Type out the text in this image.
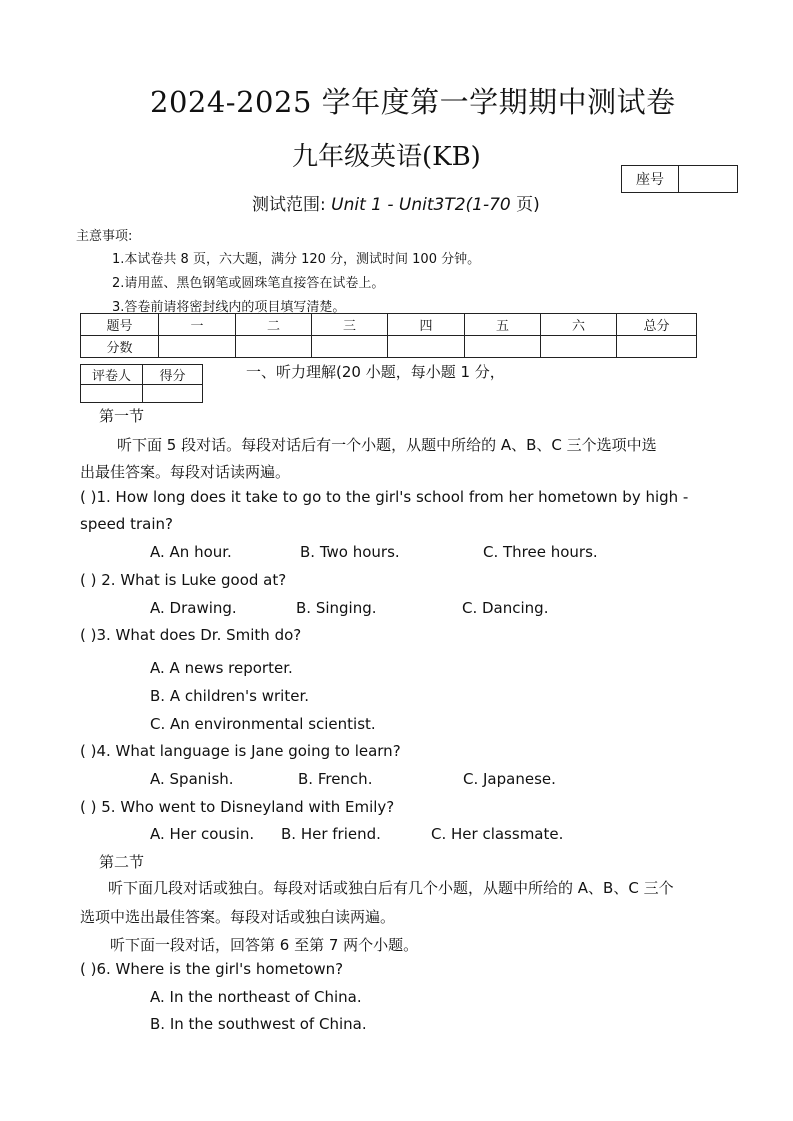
2024-2025 学年度第一学期期中测试卷
九年级英语(KB)
座号
测试范围: Unit 1 - Unit3T2(1-70 页)
主意事项:
1.本试卷共 8 页，六大题，满分 120 分，测试时间 100 分钟。
2.请用蓝、黑色钢笔或圆珠笔直接答在试卷上。
3.答卷前请将密封线内的项目填写清楚。
题号	一	二	三	四	五	六	总分
分数							
评卷人	得分
		一、听力理解(20 小题，每小题 1 分，
第一节
听下面 5 段对话。每段对话后有一个小题，从题中所给的 A、B、C 三个选项中选
出最佳答案。每段对话读两遍。
( )1. How long does it take to go to the girl's school from her hometown by high -
speed train?
A. An hour.	B. Two hours.	C. Three hours.
( ) 2. What is Luke good at?
A. Drawing.	B. Singing.	C. Dancing.
( )3. What does Dr. Smith do?
A. A news reporter.
B. A children's writer.
C. An environmental scientist.
( )4. What language is Jane going to learn?
A. Spanish.	B. French.	C. Japanese.
( ) 5. Who went to Disneyland with Emily?
A. Her cousin. B. Her friend.	C. Her classmate.
第二节
听下面几段对话或独白。每段对话或独白后有几个小题，从题中所给的 A、B、C 三个
选项中选出最佳答案。每段对话或独白读两遍。
听下面一段对话，回答第 6 至第 7 两个小题。
( )6. Where is the girl's hometown?
A. In the northeast of China.
B. In the southwest of China.
